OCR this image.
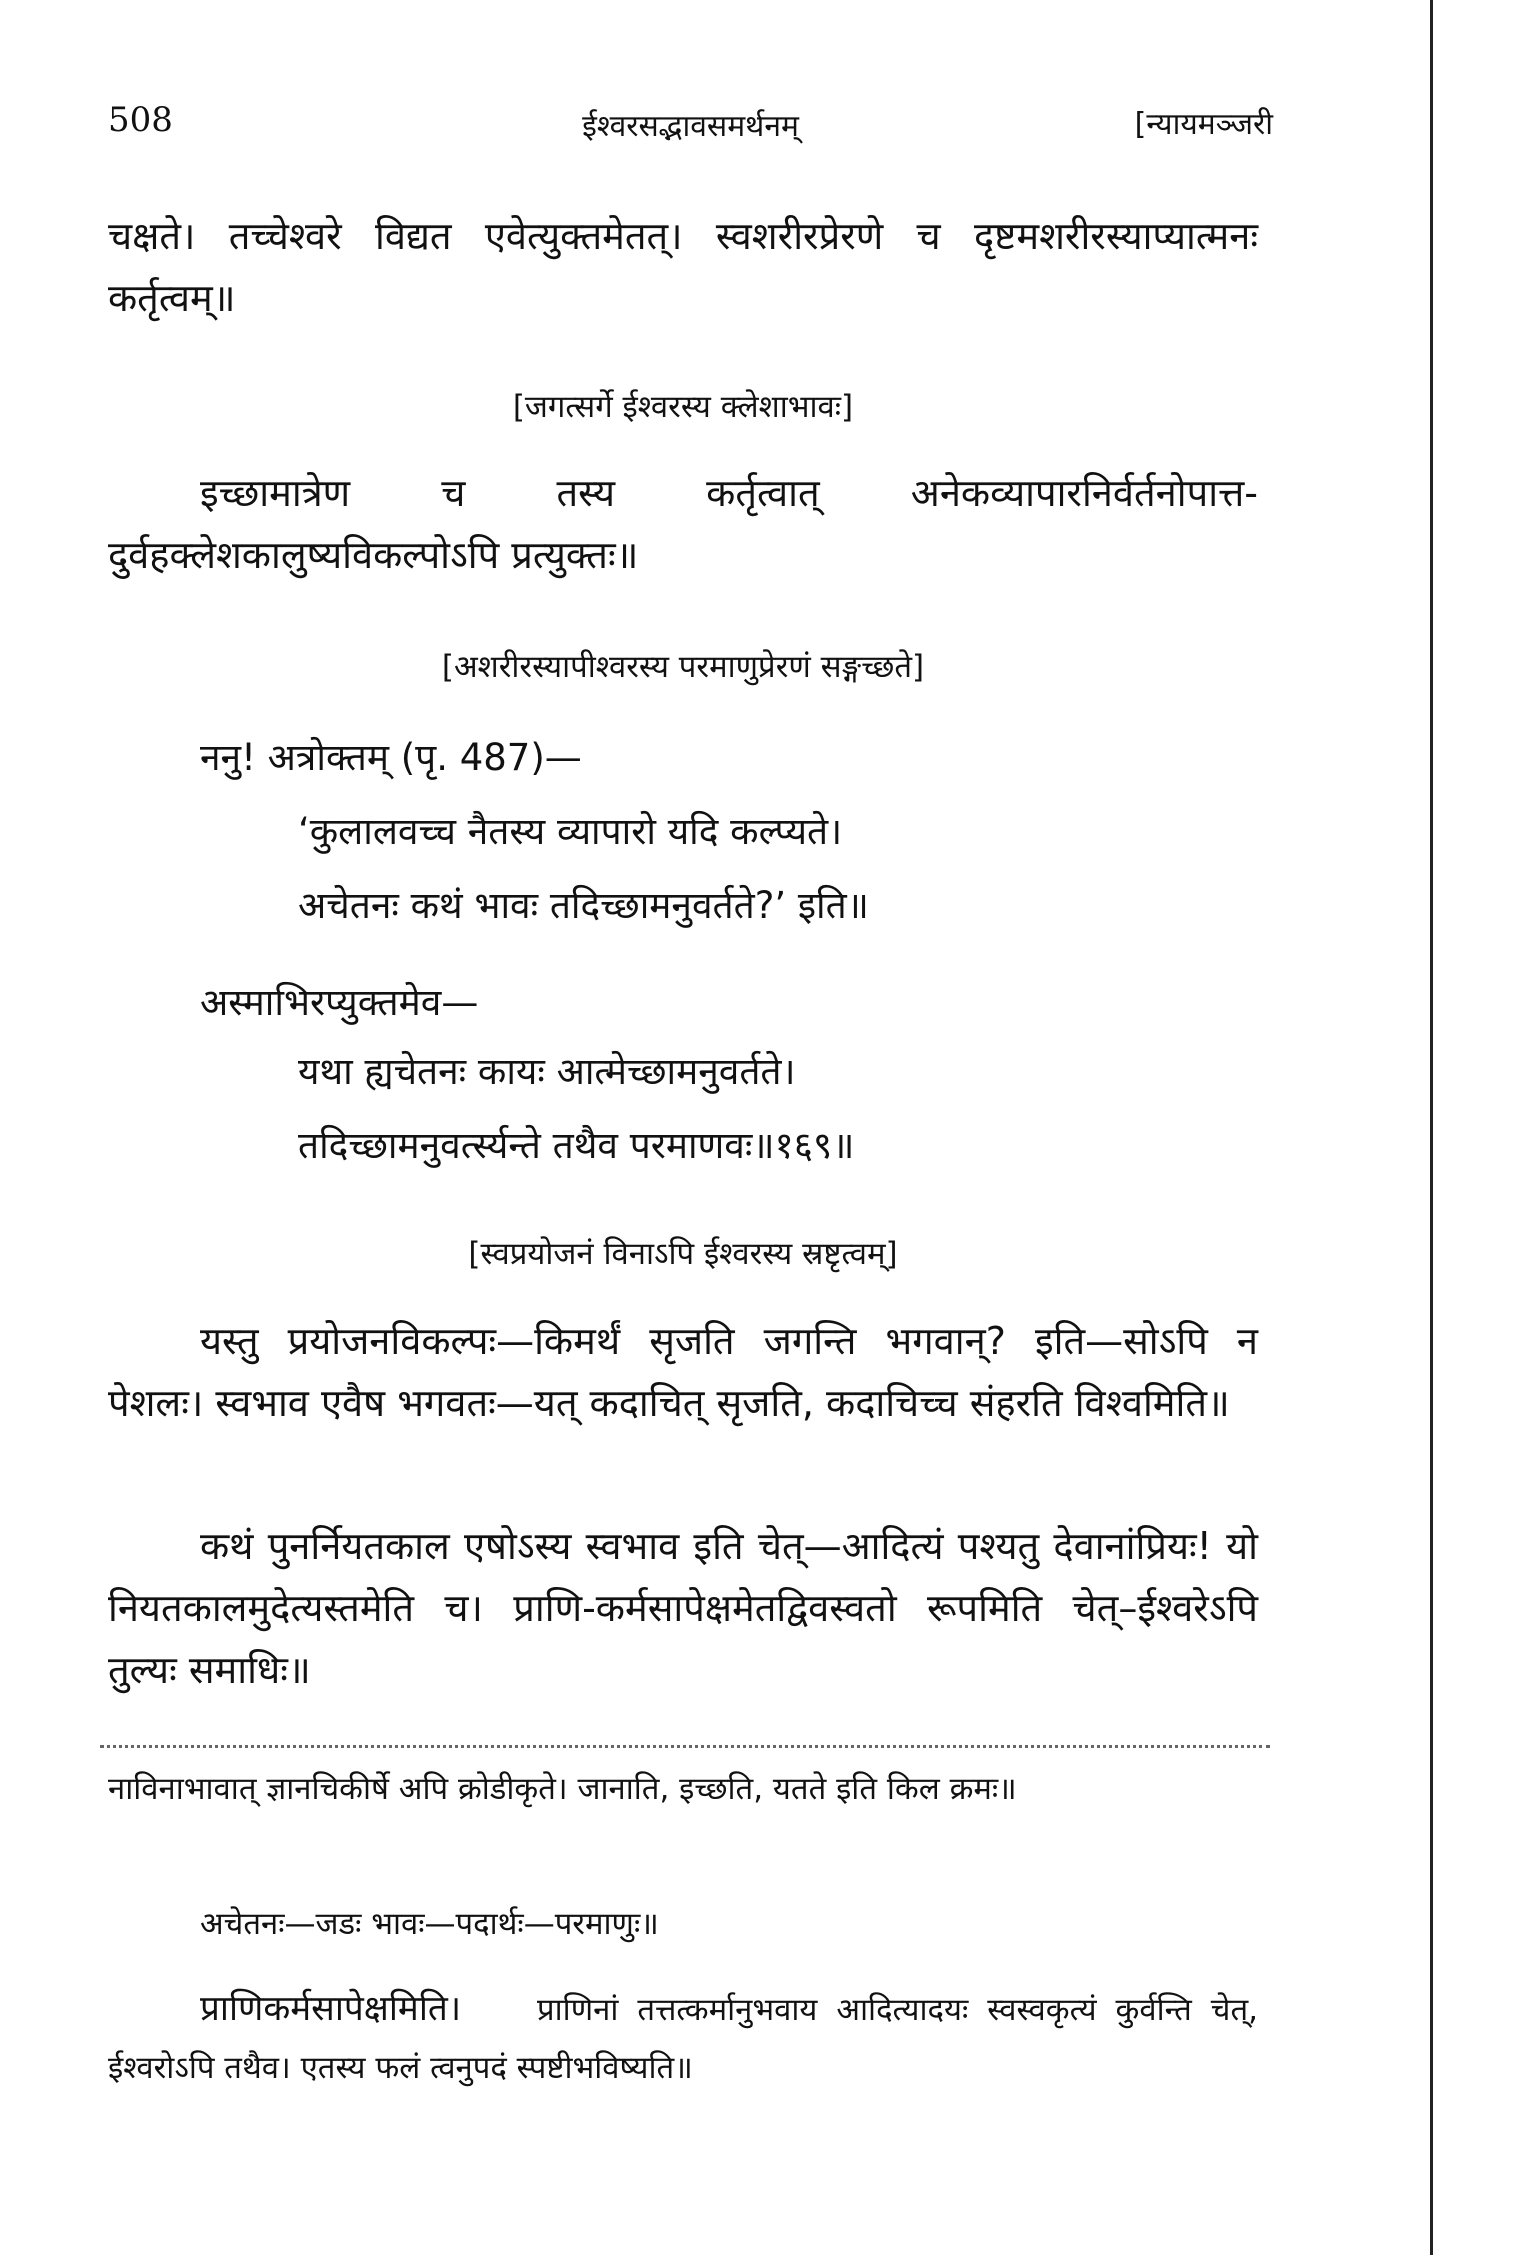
508	ईश्वरसद्भावसमर्थनम्	[न्यायमञ्जरी

चक्षते। तच्चेश्वरे विद्यत एवेत्युक्तमेतत्। स्वशरीरप्रेरणे च दृष्टमशरीरस्याप्यात्मनः कर्तृत्वम्॥

[जगत्सर्गे ईश्वरस्य क्लेशाभावः]

इच्छामात्रेण च तस्य कर्तृत्वात् अनेकव्यापारनिर्वर्तनोपात्त-दुर्वहक्लेशकालुष्यविकल्पोऽपि प्रत्युक्तः॥

[अशरीरस्यापीश्वरस्य परमाणुप्रेरणं सङ्गच्छते]
ननु! अत्रोक्तम् (पृ. 487)—
‘कुलालवच्च नैतस्य व्यापारो यदि कल्प्यते।
अचेतनः कथं भावः तदिच्छामनुवर्तते?’ इति॥
अस्माभिरप्युक्तमेव—
यथा ह्यचेतनः कायः आत्मेच्छामनुवर्तते।
तदिच्छामनुवर्त्स्यन्ते तथैव परमाणवः॥१६९॥
[स्वप्रयोजनं विनाऽपि ईश्वरस्य स्रष्टृत्वम्]

यस्तु प्रयोजनविकल्पः—किमर्थं सृजति जगन्ति भगवान्? इति—सोऽपि न पेशलः। स्वभाव एवैष भगवतः—यत् कदाचित् सृजति, कदाचिच्च संहरति विश्वमिति॥

कथं पुनर्नियतकाल एषोऽस्य स्वभाव इति चेत्—आदित्यं पश्यतु देवानांप्रियः! यो नियतकालमुदेत्यस्तमेति च। प्राणि-कर्मसापेक्षमेतद्विवस्वतो रूपमिति चेत्–ईश्वरेऽपि तुल्यः समाधिः॥

नाविनाभावात् ज्ञानचिकीर्षे अपि क्रोडीकृते। जानाति, इच्छति, यतते इति किल क्रमः॥

अचेतनः—जडः भावः—पदार्थः—परमाणुः॥

प्राणिकर्मसापेक्षमिति। प्राणिनां तत्तत्कर्मानुभवाय आदित्यादयः स्वस्वकृत्यं कुर्वन्ति चेत्, ईश्वरोऽपि तथैव। एतस्य फलं त्वनुपदं स्पष्टीभविष्यति॥
